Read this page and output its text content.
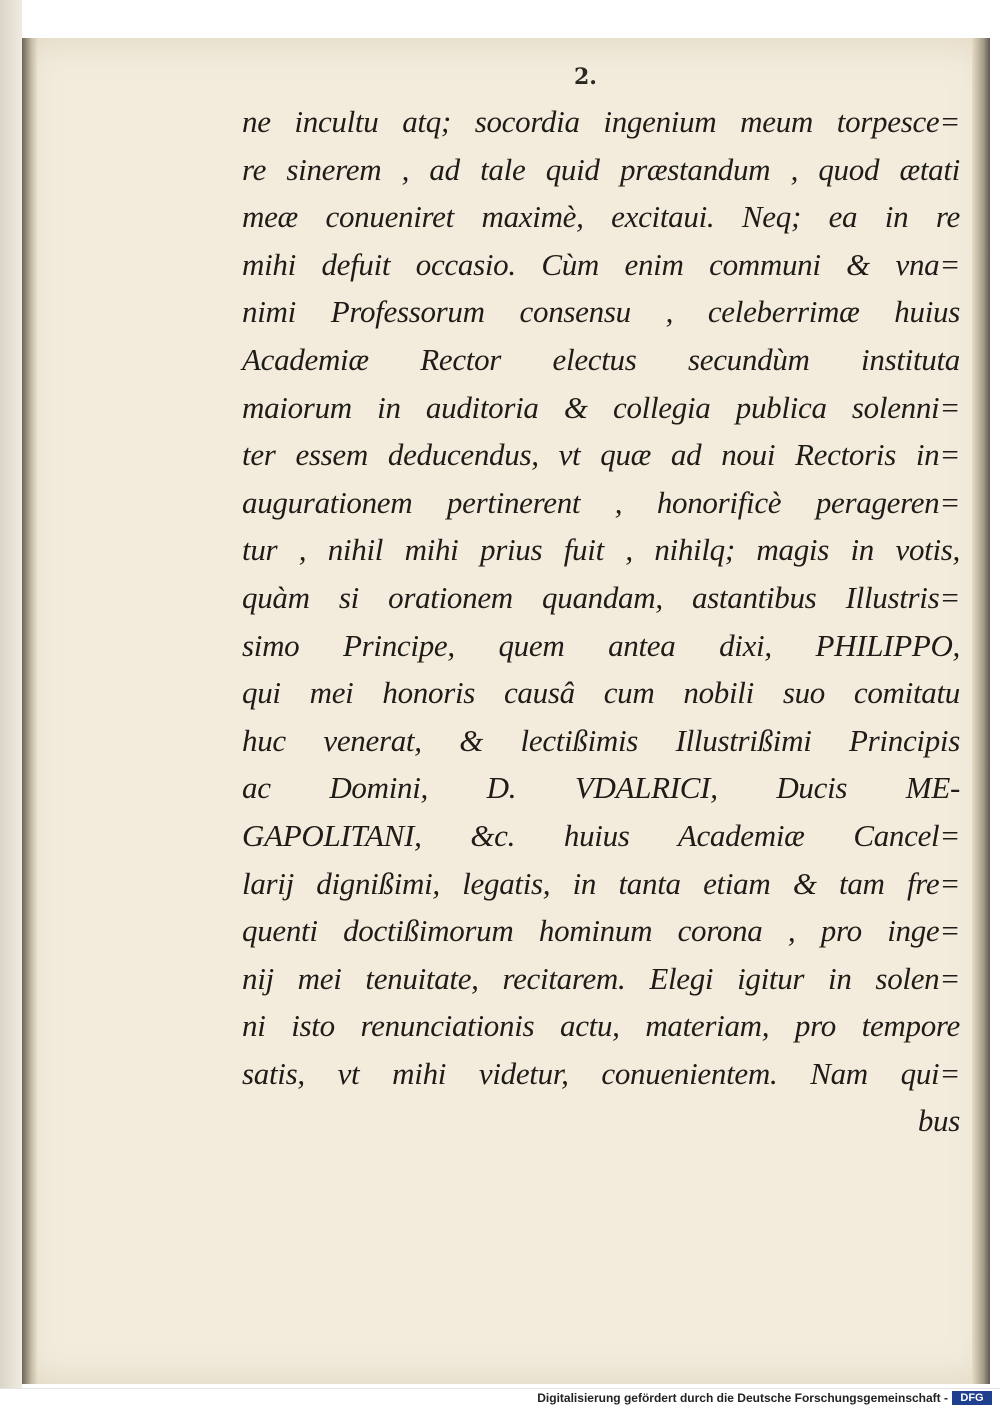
2.
ne incultu atq; socordia ingenium meum torpesce=
re sinerem , ad tale quid præstandum , quod ætati
meæ conueniret maximè, excitaui. Neq; ea in re
mihi defuit occasio. Cùm enim communi & vna=
nimi Professorum consensu , celeberrimæ huius
Academiæ Rector electus secundùm instituta
maiorum in auditoria & collegia publica solenni=
ter essem deducendus, vt quæ ad noui Rectoris in=
augurationem pertinerent , honorificè perageren=
tur , nihil mihi prius fuit , nihilq; magis in votis,
quàm si orationem quandam, astantibus Illustris=
simo Principe, quem antea dixi, PHILIPPO,
qui mei honoris causâ cum nobili suo comitatu
huc venerat, & lectißimis Illustrißimi Principis
ac Domini, D. VDALRICI, Ducis ME-
GAPOLITANI, &c. huius Academiæ Cancel=
larij dignißimi, legatis, in tanta etiam & tam fre=
quenti doctißimorum hominum corona , pro inge=
nij mei tenuitate, recitarem. Elegi igitur in solen=
ni isto renunciationis actu, materiam, pro tempore
satis, vt mihi videtur, conuenientem. Nam qui=
bus
Digitalisierung gefördert durch die Deutsche Forschungsgemeinschaft -	DFG
